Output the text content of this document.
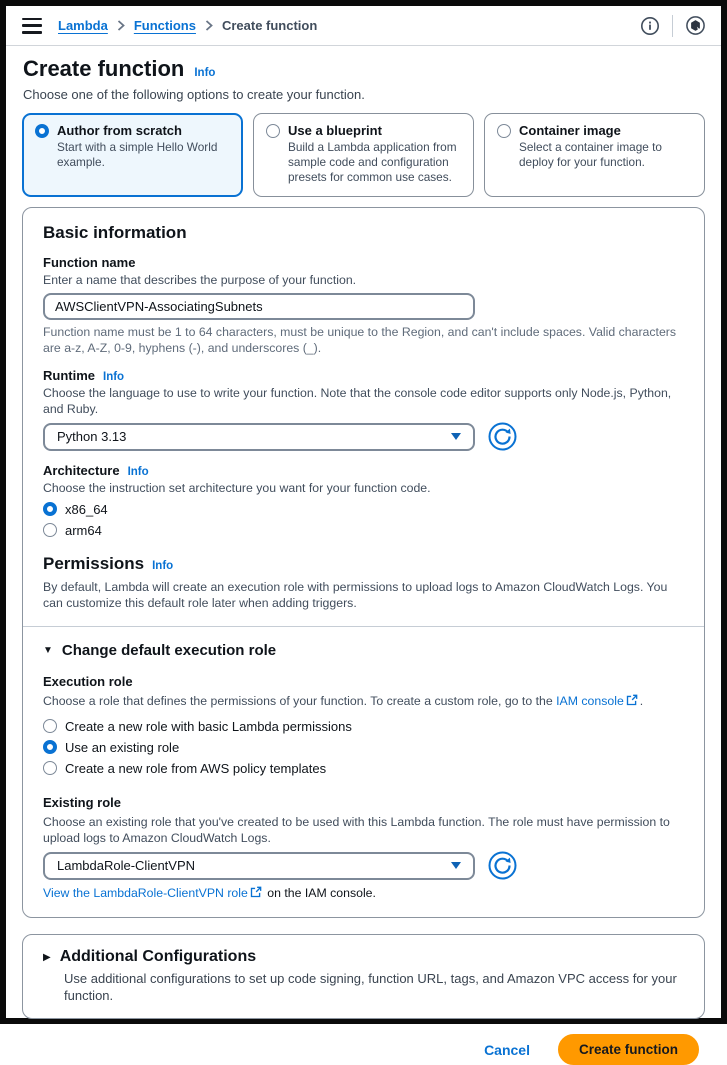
Lambda Functions Create function
Create function Info

Choose one of the following options to create your function.

Author from scratch
Start with a simple Hello World example.
Use a blueprint
Build a Lambda application from sample code and configuration presets for common use cases.
Container image
Select a container image to deploy for your function.
Basic information
Function name
Enter a name that describes the purpose of your function.
AWSClientVPN-AssociatingSubnets
Function name must be 1 to 64 characters, must be unique to the Region, and can't include spaces. Valid characters are a-z, A-Z, 0-9, hyphens (-), and underscores (_).
Runtime Info
Choose the language to use to write your function. Note that the console code editor supports only Node.js, Python, and Ruby.
Python 3.13
Architecture Info
Choose the instruction set architecture you want for your function code.
x86_64
arm64
Permissions Info
By default, Lambda will create an execution role with permissions to upload logs to Amazon CloudWatch Logs. You can customize this default role later when adding triggers.
▼ Change default execution role
Execution role
Choose a role that defines the permissions of your function. To create a custom role, go to the IAM console .
Create a new role with basic Lambda permissions
Use an existing role
Create a new role from AWS policy templates
Existing role
Choose an existing role that you've created to be used with this Lambda function. The role must have permission to upload logs to Amazon CloudWatch Logs.
LambdaRole-ClientVPN
View the LambdaRole-ClientVPN role on the IAM console.
▶ Additional Configurations
Use additional configurations to set up code signing, function URL, tags, and Amazon VPC access for your function.
Cancel	Create function
